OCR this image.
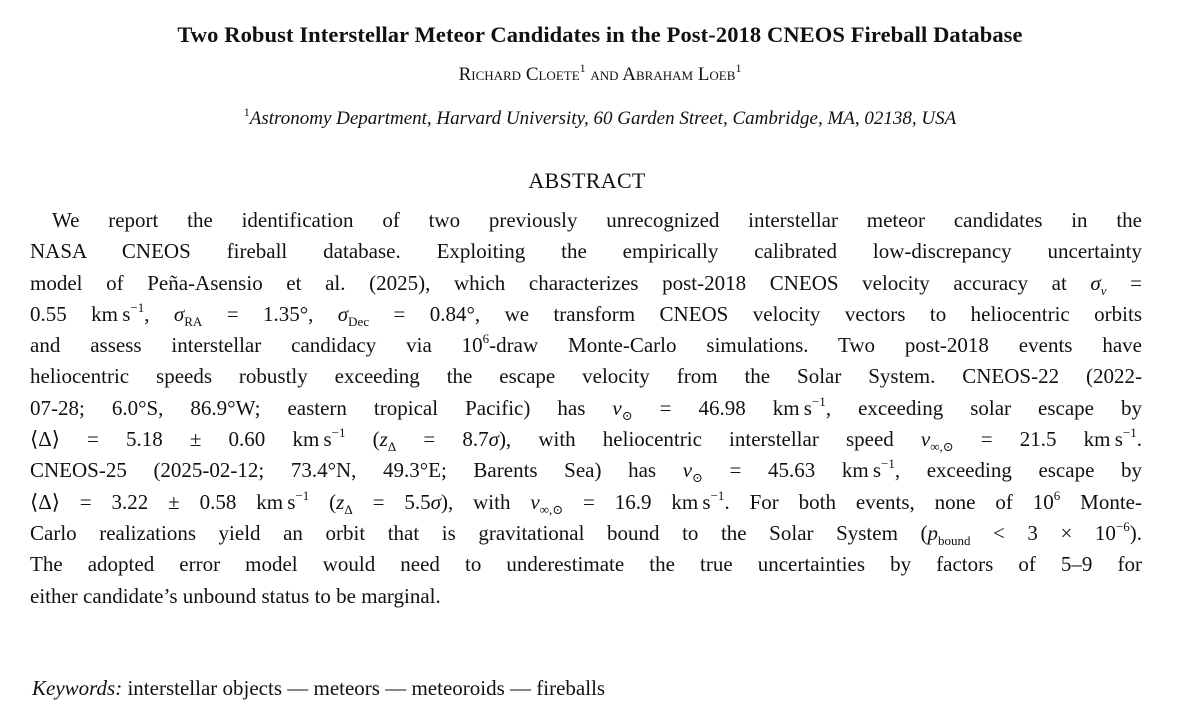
Two Robust Interstellar Meteor Candidates in the Post-2018 CNEOS Fireball Database
Richard Cloete$^1$ and Abraham Loeb$^1$
$^1$Astronomy Department, Harvard University, 60 Garden Street, Cambridge, MA, 02138, USA
ABSTRACT
We report the identification of two previously unrecognized interstellar meteor candidates in the
NASA CNEOS fireball database. Exploiting the empirically calibrated low-discrepancy uncertainty
model of Peña-Asensio et al. (2025), which characterizes post-2018 CNEOS velocity accuracy at $\sigma_v$ =
0.55 km $s^{-1}$, $\sigma_{RA} = 1.35^\circ$, $\sigma_{Dec} = 0.84^\circ$, we transform CNEOS velocity vectors to heliocentric orbits
and assess interstellar candidacy via $10^6$-draw Monte-Carlo simulations. Two post-2018 events have
heliocentric speeds robustly exceeding the escape velocity from the Solar System. CNEOS-22 (2022-
07-28; 6.0°S, 86.9°W; eastern tropical Pacific) has $v_⊙ = 46.98$ km $s^{-1}$, exceeding solar escape by
⟨Δ⟩ = 5.18 ± 0.60 km $s^{-1}$ $(z_\Delta = 8.7\sigma)$, with heliocentric interstellar speed $v_{\infty,⊙} = 21.5$ km $s^{-1}$.
CNEOS-25 (2025-02-12; 73.4°N, 49.3°E; Barents Sea) has $v_⊙ = 45.63$ km $s^{-1}$, exceeding escape by
⟨Δ⟩ = 3.22 ± 0.58 km $s^{-1}$ $(z_\Delta = 5.5\sigma)$, with $v_{\infty,⊙} = 16.9$ km $s^{-1}$. For both events, none of $10^6$ Monte-
Carlo realizations yield an orbit that is gravitational bound to the Solar System $(p_{bound} < 3 \times 10^{-6})$.
The adopted error model would need to underestimate the true uncertainties by factors of 5–9 for
either candidate’s unbound status to be marginal.
Keywords: interstellar objects — meteors — meteoroids — fireballs
